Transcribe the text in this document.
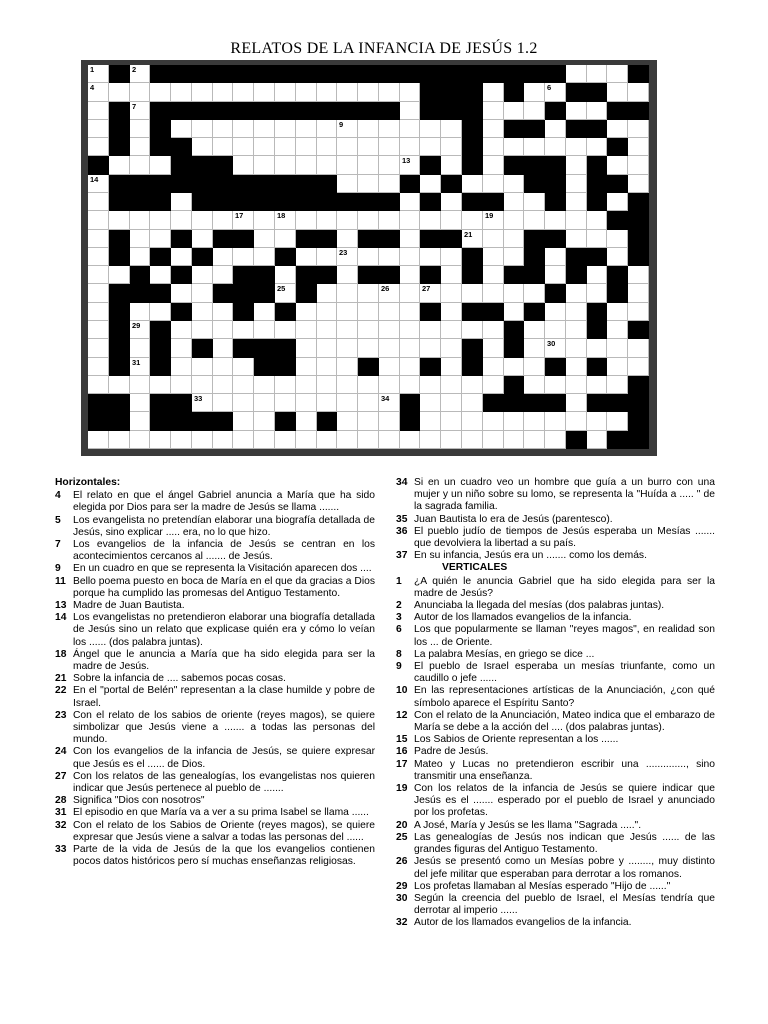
RELATOS DE LA INFANCIA DE JESÚS 1.2
1	2	3
4	5	6
7	8
9	10
11
12	13
14	15
16
17	18	19
20	21
22	23
24	25	26	27
28
29
30
31	32
33	34
35	36	37
Horizontales:
4	El relato en que el ángel Gabriel anuncia a María que ha sido elegida por Dios para ser la madre de Jesús se llama .......
5	Los evangelista no pretendían elaborar una biografía detallada de Jesús, sino explicar ..... era, no lo que hizo.
7	Los evangelios de la infancia de Jesús se centran en los acontecimientos cercanos al ....... de Jesús.
9	En un cuadro en que se representa la Visitación aparecen dos ....
11 Bello poema puesto en boca de María en el que da gracias a Dios porque ha cumplido las promesas del Antiguo Testamento.
13 Madre de Juan Bautista.
14 Los evangelistas no pretendieron elaborar una biografía detallada de Jesús sino un relato que explicase quién era y cómo lo veían los ...... (dos palabra juntas).
18 Ángel que le anuncia a María que ha sido elegida para ser la madre de Jesús.
21 Sobre la infancia de .... sabemos pocas cosas.
22 En el "portal de Belén" representan a la clase humilde y pobre de Israel.
23 Con el relato de los sabios de oriente (reyes magos), se quiere simbolizar que Jesús viene a ....... a todas las personas del mundo.
24 Con los evangelios de la infancia de Jesús, se quiere expresar que Jesús es el ...... de Dios.
27 Con los relatos de las genealogías, los evangelistas nos quieren indicar que Jesús pertenece al pueblo de .......
28 Significa "Dios con nosotros"
31 El episodio en que María va a ver a su prima Isabel se llama ......
32 Con el relato de los Sabios de Oriente (reyes magos), se quiere expresar que Jesús viene a salvar a todas las personas del ......
33 Parte de la vida de Jesús de la que los evangelios contienen pocos datos históricos pero sí muchas enseñanzas religiosas.
34 Si en un cuadro veo un hombre que guía a un burro con una mujer y un niño sobre su lomo, se representa la "Huída a ..... " de la sagrada familia.
35 Juan Bautista lo era de Jesús (parentesco).
36 El pueblo judío de tiempos de Jesús esperaba un Mesías ....... que devolviera la libertad a su país.
37 En su infancia, Jesús era un ....... como los demás.
VERTICALES
1	¿A quién le anuncia Gabriel que ha sido elegida para ser la madre de Jesús?
2	Anunciaba la llegada del mesías (dos palabras juntas).
3	Autor de los llamados evangelios de la infancia.
6	Los que popularmente se llaman "reyes magos", en realidad son los ... de Oriente.
8	La palabra Mesías, en griego se dice ...
9	El pueblo de Israel esperaba un mesías triunfante, como un caudillo o jefe ......
10 En las representaciones artísticas de la Anunciación, ¿con qué símbolo aparece el Espíritu Santo?
12 Con el relato de la Anunciación, Mateo indica que el embarazo de María se debe a la acción del .... (dos palabras juntas).
15 Los Sabios de Oriente representan a los ......
16 Padre de Jesús.
17 Mateo y Lucas no pretendieron escribir una .............., sino transmitir una enseñanza.
19 Con los relatos de la infancia de Jesús se quiere indicar que Jesús es el ....... esperado por el pueblo de Israel y anunciado por los profetas.
20 A José, María y Jesús se les llama "Sagrada .....".
25 Las genealogías de Jesús nos indican que Jesús ...... de las grandes figuras del Antiguo Testamento.
26 Jesús se presentó como un Mesías pobre y ........, muy distinto del jefe militar que esperaban para derrotar a los romanos.
29 Los profetas llamaban al Mesías esperado "Hijo de ......"
30 Según la creencia del pueblo de Israel, el Mesías tendría que derrotar al imperio ......
32 Autor de los llamados evangelios de la infancia.
